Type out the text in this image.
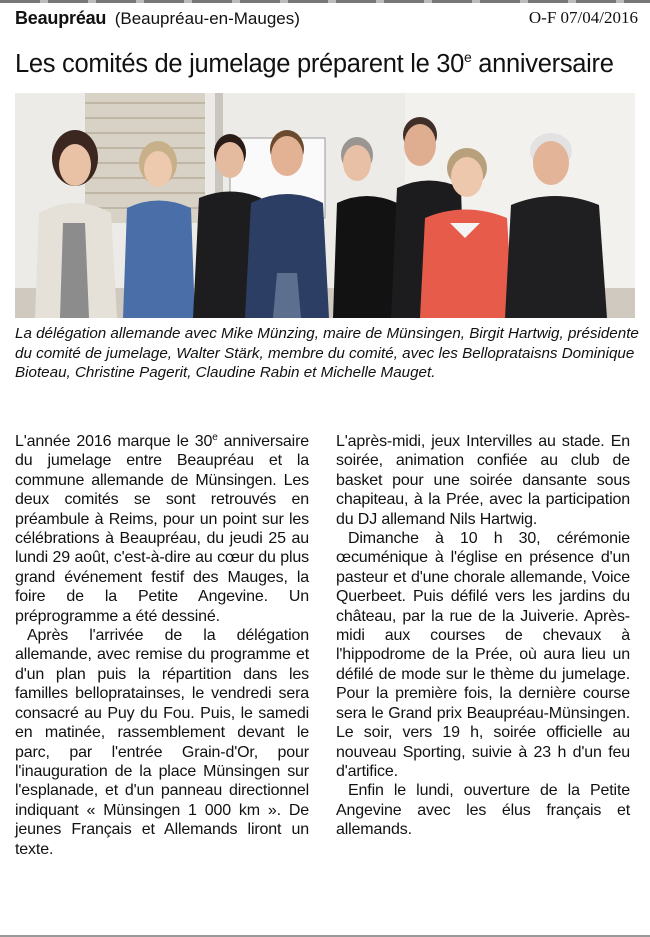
Beaupréau (Beaupréau-en-Mauges)	O-F 07/04/2016
Les comités de jumelage préparent le 30e anniversaire
La délégation allemande avec Mike Münzing, maire de Münsingen, Birgit Hartwig, présidente du comité de jumelage, Walter Stärk, membre du comité, avec les Belloprataisns Dominique Bioteau, Christine Pagerit, Claudine Rabin et Michelle Mauget.

L'année 2016 marque le 30e anniversaire du jumelage entre Beaupréau et la commune allemande de Münsingen. Les deux comités se sont retrouvés en préambule à Reims, pour un point sur les célébrations à Beaupréau, du jeudi 25 au lundi 29 août, c'est-à-dire au cœur du plus grand événement festif des Mauges, la foire de la Petite Angevine. Un préprogramme a été dessiné.

Après l'arrivée de la délégation allemande, avec remise du programme et d'un plan puis la répartition dans les familles bellopratainses, le vendredi sera consacré au Puy du Fou. Puis, le samedi en matinée, rassemblement devant le parc, par l'entrée Grain-d'Or, pour l'inauguration de la place Münsingen sur l'esplanade, et d'un panneau directionnel indiquant « Münsingen 1 000 km ». De jeunes Français et Allemands liront un texte.

L'après-midi, jeux Intervilles au stade. En soirée, animation confiée au club de basket pour une soirée dansante sous chapiteau, à la Prée, avec la participation du DJ allemand Nils Hartwig.

Dimanche à 10 h 30, cérémonie œcuménique à l'église en présence d'un pasteur et d'une chorale allemande, Voice Querbeet. Puis défilé vers les jardins du château, par la rue de la Juiverie. Après-midi aux courses de chevaux à l'hippodrome de la Prée, où aura lieu un défilé de mode sur le thème du jumelage. Pour la première fois, la dernière course sera le Grand prix Beaupréau-Münsingen. Le soir, vers 19 h, soirée officielle au nouveau Sporting, suivie à 23 h d'un feu d'artifice.

Enfin le lundi, ouverture de la Petite Angevine avec les élus français et allemands.
